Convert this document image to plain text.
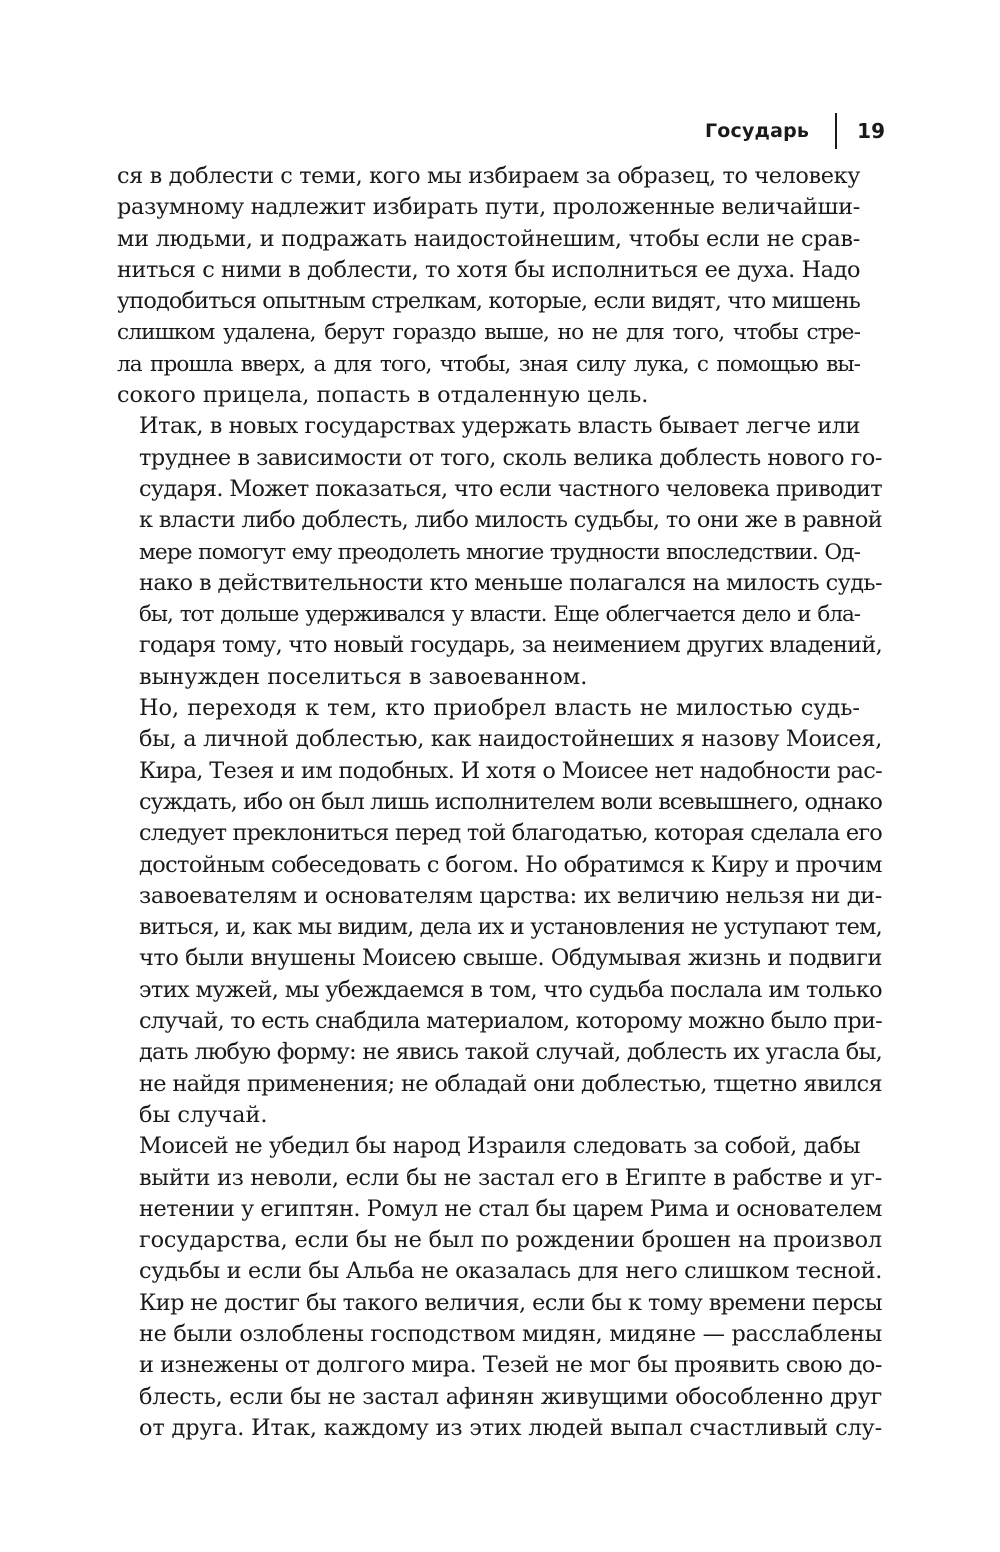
Государь 19

ся в доблести с теми, кого мы избираем за образец, то человеку
разумному надлежит избирать пути, проложенные величайши-
ми людьми, и подражать наидостойнешим, чтобы если не срав-
ниться с ними в доблести, то хотя бы исполниться ее духа. Надо
уподобиться опытным стрелкам, которые, если видят, что мишень
слишком удалена, берут гораздо выше, но не для того, чтобы стре-
ла прошла вверх, а для того, чтобы, зная силу лука, с помощью вы-
сокого прицела, попасть в отдаленную цель.

Итак, в новых государствах удержать власть бывает легче или
труднее в зависимости от того, сколь велика доблесть нового го-
сударя. Может показаться, что если частного человека приводит
к власти либо доблесть, либо милость судьбы, то они же в равной
мере помогут ему преодолеть многие трудности впоследствии. Од-
нако в действительности кто меньше полагался на милость судь-
бы, тот дольше удерживался у власти. Еще облегчается дело и бла-
годаря тому, что новый государь, за неимением других владений,
вынужден поселиться в завоеванном.

Но, переходя к тем, кто приобрел власть не милостью судь-
бы, а личной доблестью, как наидостойнеших я назову Моисея,
Кира, Тезея и им подобных. И хотя о Моисее нет надобности рас-
суждать, ибо он был лишь исполнителем воли всевышнего, однако
следует преклониться перед той благодатью, которая сделала его
достойным собеседовать с богом. Но обратимся к Киру и прочим
завоевателям и основателям царства: их величию нельзя ни ди-
виться, и, как мы видим, дела их и установления не уступают тем,
что были внушены Моисею свыше. Обдумывая жизнь и подвиги
этих мужей, мы убеждаемся в том, что судьба послала им только
случай, то есть снабдила материалом, которому можно было при-
дать любую форму: не явись такой случай, доблесть их угасла бы,
не найдя применения; не обладай они доблестью, тщетно явился
бы случай.

Моисей не убедил бы народ Израиля следовать за собой, дабы
выйти из неволи, если бы не застал его в Египте в рабстве и уг-
нетении у египтян. Ромул не стал бы царем Рима и основателем
государства, если бы не был по рождении брошен на произвол
судьбы и если бы Альба не оказалась для него слишком тесной.
Кир не достиг бы такого величия, если бы к тому времени персы
не были озлоблены господством мидян, мидяне — расслаблены
и изнежены от долгого мира. Тезей не мог бы проявить свою до-
блесть, если бы не застал афинян живущими обособленно друг
от друга. Итак, каждому из этих людей выпал счастливый слу-
